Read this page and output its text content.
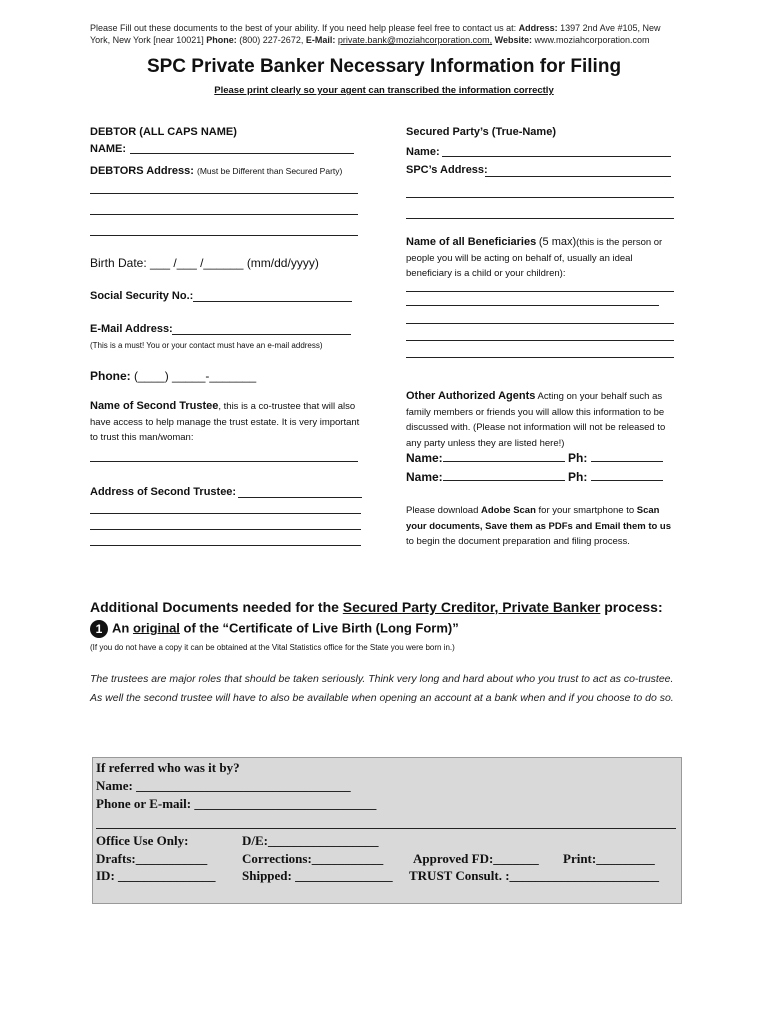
Please Fill out these documents to the best of your ability. If you need help please feel free to contact us at: Address: 1397 2nd Ave #105, New York, New York [near 10021] Phone: (800) 227-2672, E-Mail: private.bank@moziahcorporation.com, Website: www.moziahcorporation.com
SPC Private Banker Necessary Information for Filing
Please print clearly so your agent can transcribed the information correctly
DEBTOR (ALL CAPS NAME)
NAME:
DEBTORS Address: (Must be Different than Secured Party)
Birth Date: ___ /___ /______ (mm/dd/yyyy)
Social Security No.:
E-Mail Address:
(This is a must! You or your contact must have an e-mail address)
Phone: (____) _____-_______
Name of Second Trustee, this is a co-trustee that will also have access to help manage the trust estate. It is very important to trust this man/woman:
Address of Second Trustee:
Secured Party’s (True-Name)
Name:
SPC’s Address:
Name of all Beneficiaries (5 max)(this is the person or people you will be acting on behalf of, usually an ideal beneficiary is a child or your children):
Other Authorized Agents Acting on your behalf such as family members or friends you will allow this information to be discussed with. (Please not information will not be released to any party unless they are listed here!)
Name:	Ph:
Name:	Ph:
Please download Adobe Scan for your smartphone to Scan your documents, Save them as PDFs and Email them to us to begin the document preparation and filing process.
Additional Documents needed for the Secured Party Creditor, Private Banker process:
1 An original of the “Certificate of Live Birth (Long Form)”
(If you do not have a copy it can be obtained at the Vital Statistics office for the State you were born in.)
The trustees are major roles that should be taken seriously. Think very long and hard about who you trust to act as co-trustee. As well the second trustee will have to also be available when opening an account at a bank when and if you choose to do so.
If referred who was it by?
Name: _________________________________
Phone or E-mail: ____________________________
Office Use Only:	D/E:_________________
Drafts:___________	Corrections:___________ Approved FD:_______ Print:_________
ID: _______________ Shipped: _______________ TRUST Consult. :_______________________
